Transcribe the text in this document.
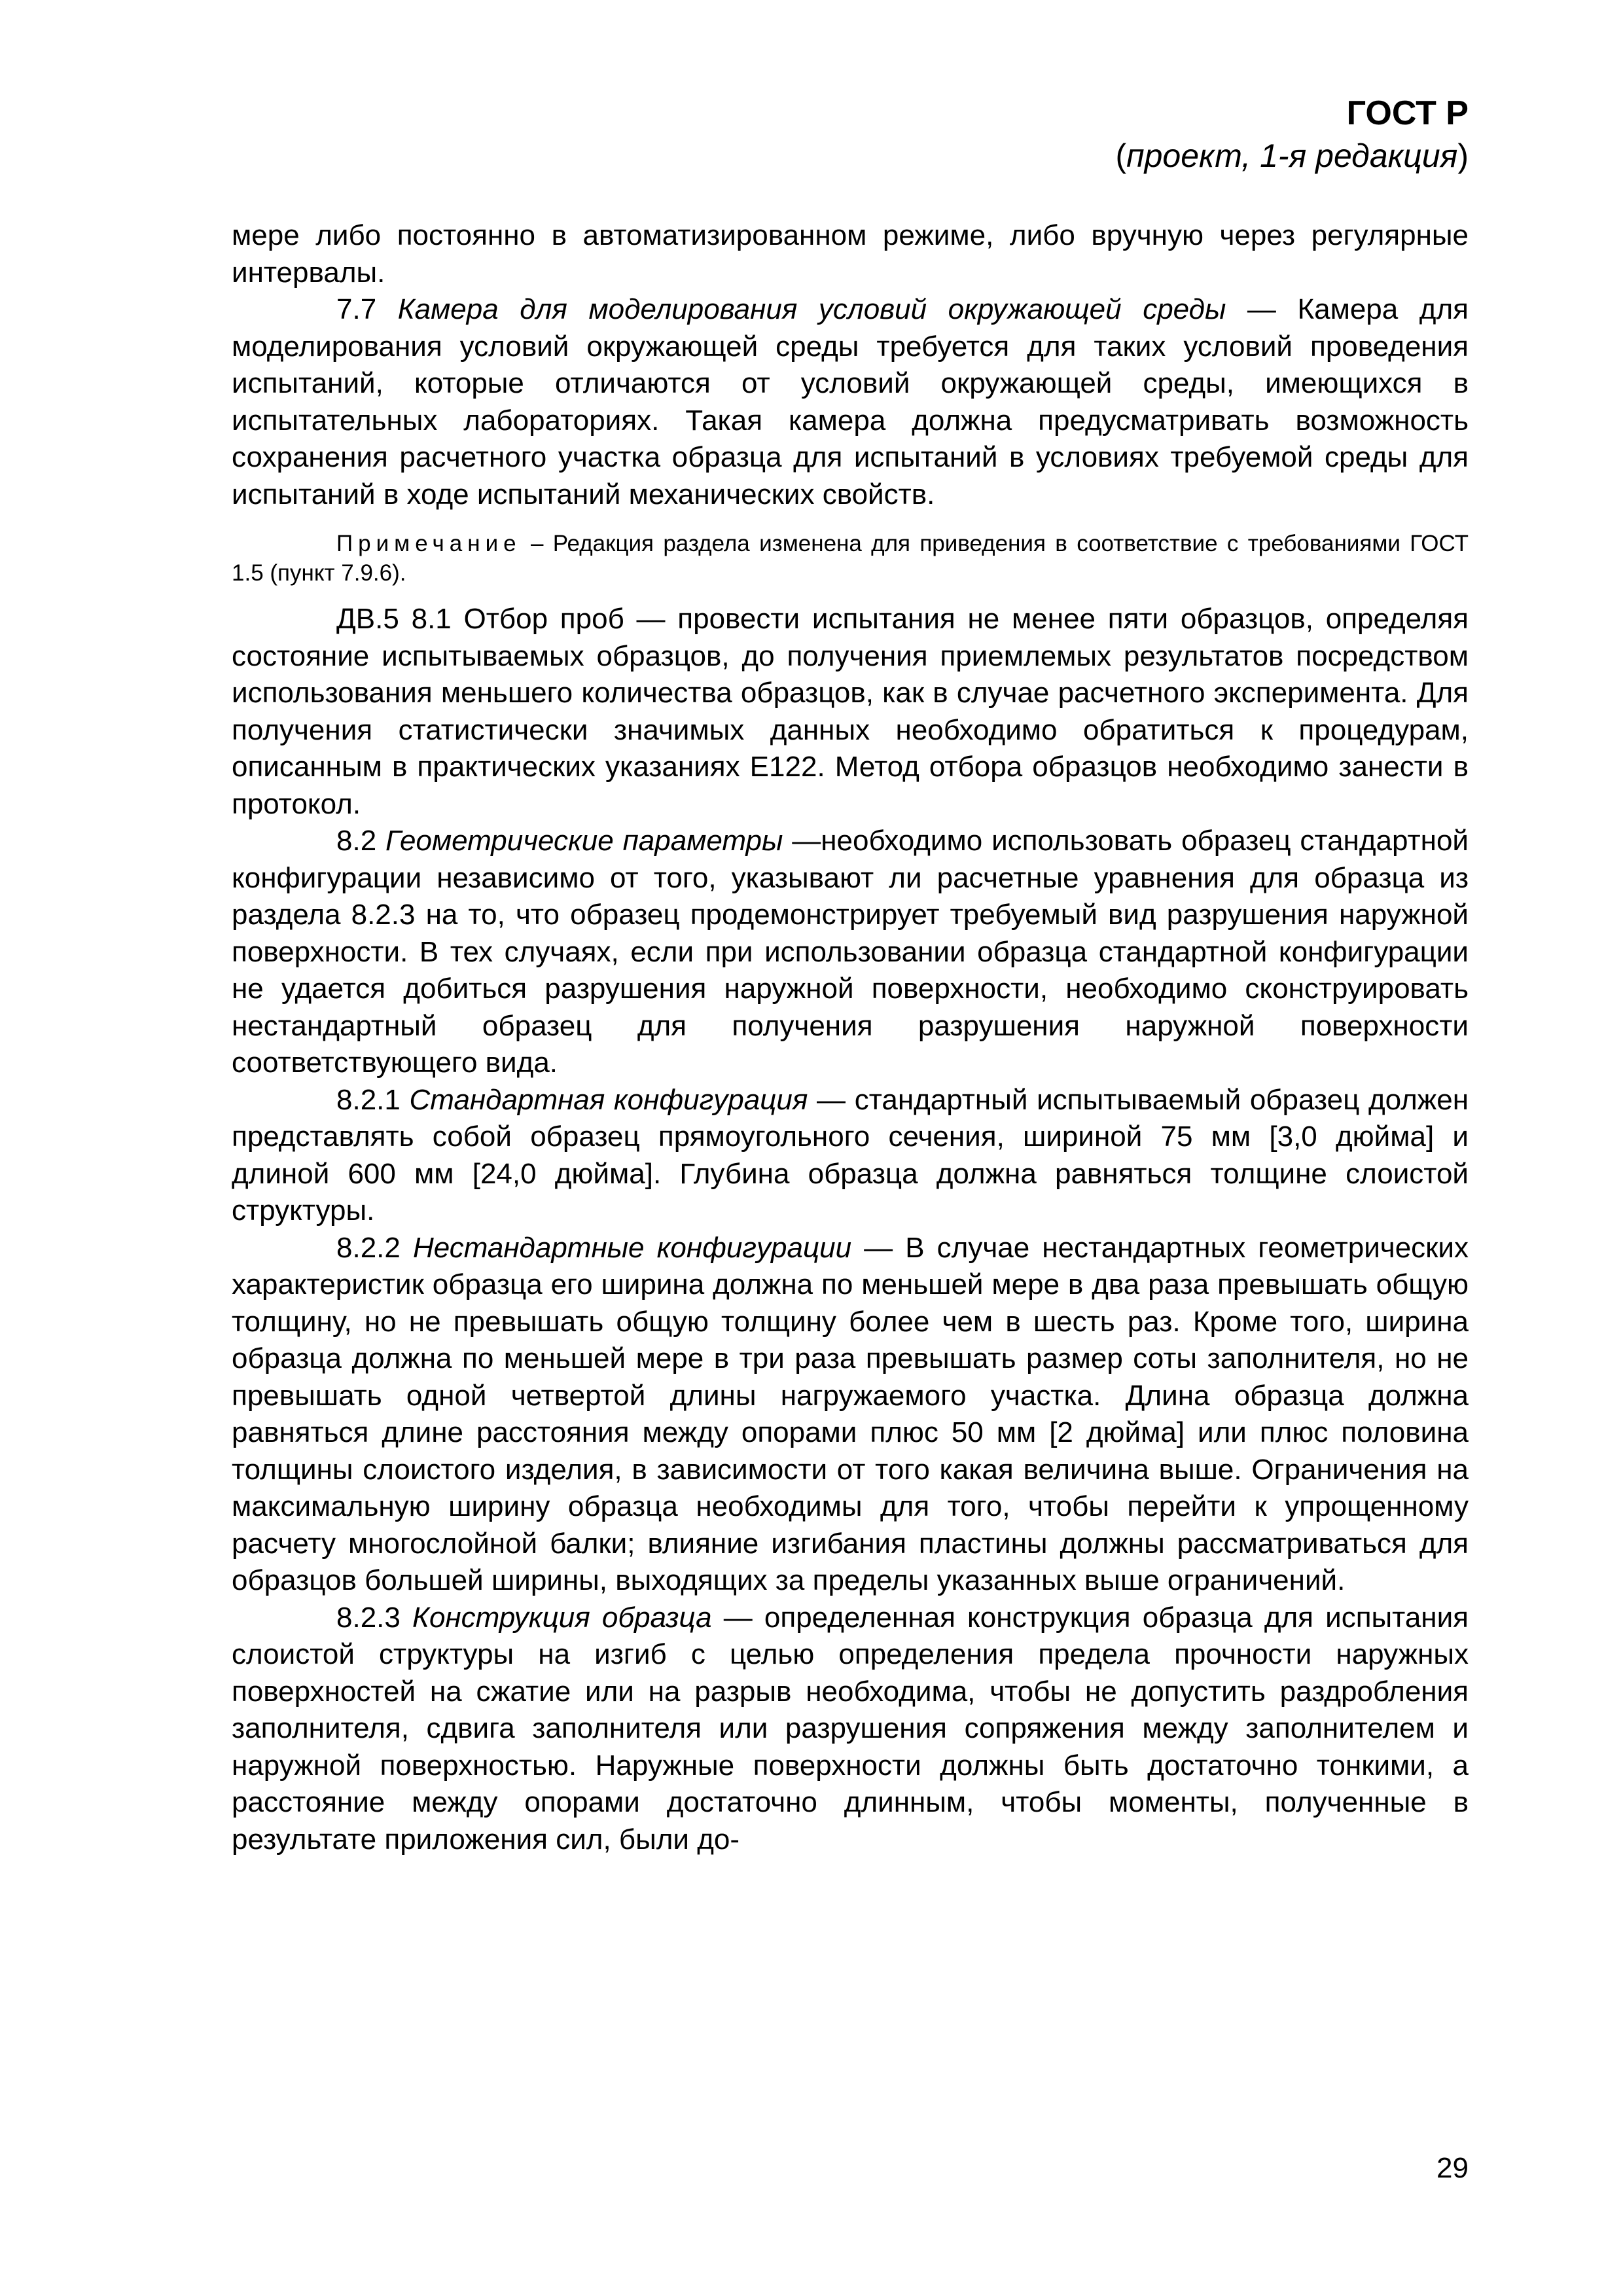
ГОСТ Р
(проект, 1-я редакция)

мере либо постоянно в автоматизированном режиме, либо вручную через регулярные интервалы.

7.7 Камера для моделирования условий окружающей среды — Камера для моделирования условий окружающей среды требуется для таких условий проведения испытаний, которые отличаются от условий окружающей среды, имеющихся в испытательных лабораториях. Такая камера должна предусматривать возможность сохранения расчетного участка образца для испытаний в условиях требуемой среды для испытаний в ходе испытаний механических свойств.

Примечание – Редакция раздела изменена для приведения в соответствие с требованиями ГОСТ 1.5 (пункт 7.9.6).

ДВ.5 8.1 Отбор проб — провести испытания не менее пяти образцов, определяя состояние испытываемых образцов, до получения приемлемых результатов посредством использования меньшего количества образцов, как в случае расчетного эксперимента. Для получения статистически значимых данных необходимо обратиться к процедурам, описанным в практических указаниях E122. Метод отбора образцов необходимо занести в протокол.

8.2 Геометрические параметры —необходимо использовать образец стандартной конфигурации независимо от того, указывают ли расчетные уравнения для образца из раздела 8.2.3 на то, что образец продемонстрирует требуемый вид разрушения наружной поверхности. В тех случаях, если при использовании образца стандартной конфигурации не удается добиться разрушения наружной поверхности, необходимо сконструировать нестандартный образец для получения разрушения наружной поверхности соответствующего вида.

8.2.1 Стандартная конфигурация — стандартный испытываемый образец должен представлять собой образец прямоугольного сечения, шириной 75 мм [3,0 дюйма] и длиной 600 мм [24,0 дюйма]. Глубина образца должна равняться толщине слоистой структуры.

8.2.2 Нестандартные конфигурации — В случае нестандартных геометрических характеристик образца его ширина должна по меньшей мере в два раза превышать общую толщину, но не превышать общую толщину более чем в шесть раз. Кроме того, ширина образца должна по меньшей мере в три раза превышать размер соты заполнителя, но не превышать одной четвертой длины нагружаемого участка. Длина образца должна равняться длине расстояния между опорами плюс 50 мм [2 дюйма] или плюс половина толщины слоистого изделия, в зависимости от того какая величина выше. Ограничения на максимальную ширину образца необходимы для того, чтобы перейти к упрощенному расчету многослойной балки; влияние изгибания пластины должны рассматриваться для образцов большей ширины, выходящих за пределы указанных выше ограничений.

8.2.3 Конструкция образца — определенная конструкция образца для испытания слоистой структуры на изгиб с целью определения предела прочности наружных поверхностей на сжатие или на разрыв необходима, чтобы не допустить раздробления заполнителя, сдвига заполнителя или разрушения сопряжения между заполнителем и наружной поверхностью. Наружные поверхности должны быть достаточно тонкими, а расстояние между опорами достаточно длинным, чтобы моменты, полученные в результате приложения сил, были до-

29
